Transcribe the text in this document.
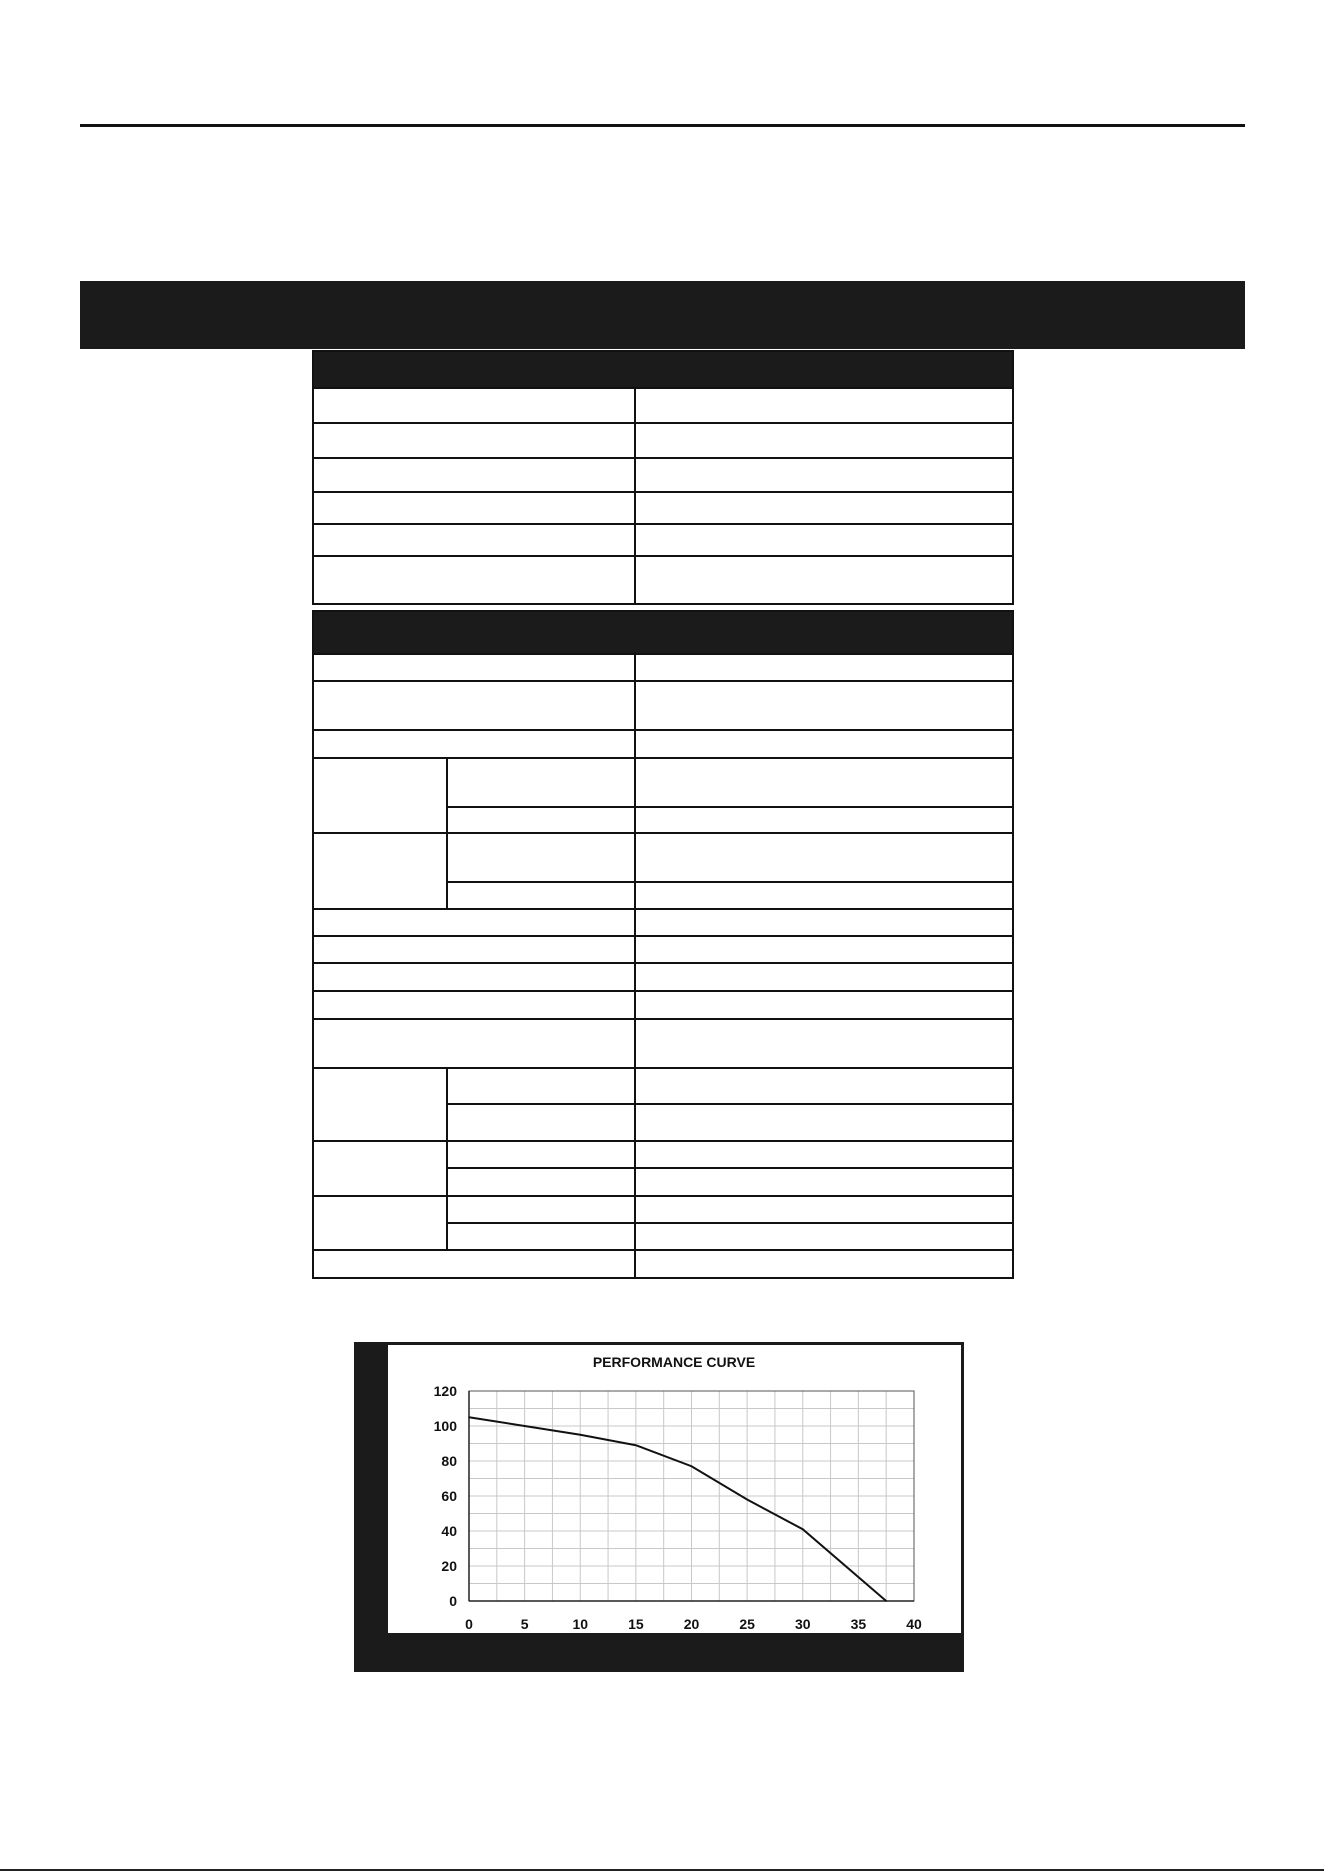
PERFORMANCE CURVE
0	5	10	15	20	25	30	35	40
0
20
40
60
80
100
120
